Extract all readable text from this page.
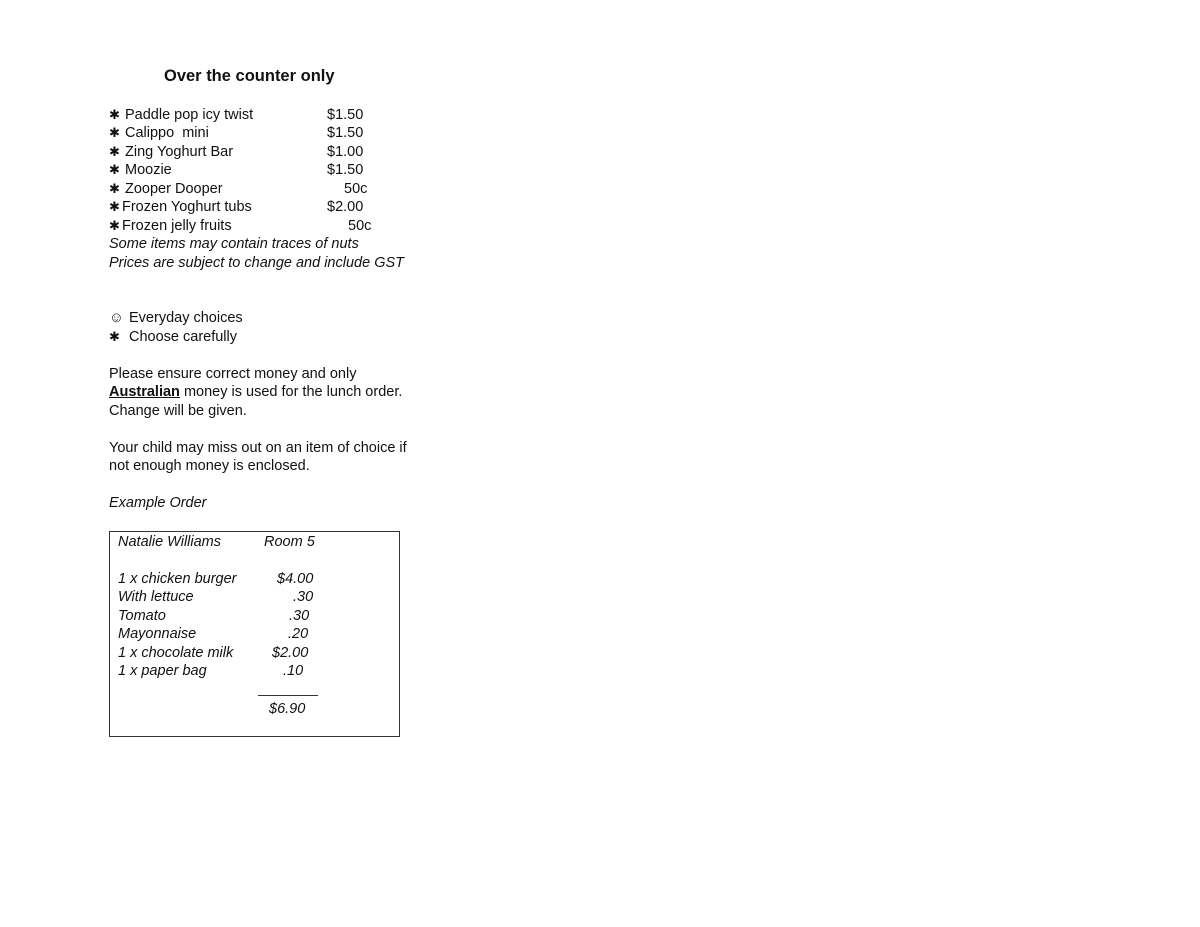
Over the counter only
✱ Paddle pop icy twist	$1.50
✱ Calippo  mini	$1.50
✱ Zing Yoghurt Bar	$1.00
✱ Moozie	$1.50
✱ Zooper Dooper	50c
✱ Frozen Yoghurt tubs	$2.00
✱ Frozen jelly fruits	50c
Some items may contain traces of nuts
Prices are subject to change and include GST
☺ Everyday choices
✱ Choose carefully
Please ensure correct money and only
Australian money is used for the lunch order.
Change will be given.
Your child may miss out on an item of choice if
not enough money is enclosed.
Example Order
Natalie Williams	Room 5
1 x chicken burger	$4.00
With lettuce	.30
Tomato	.30
Mayonnaise	.20
1 x chocolate milk	$2.00
1 x paper bag	.10
$6.90
